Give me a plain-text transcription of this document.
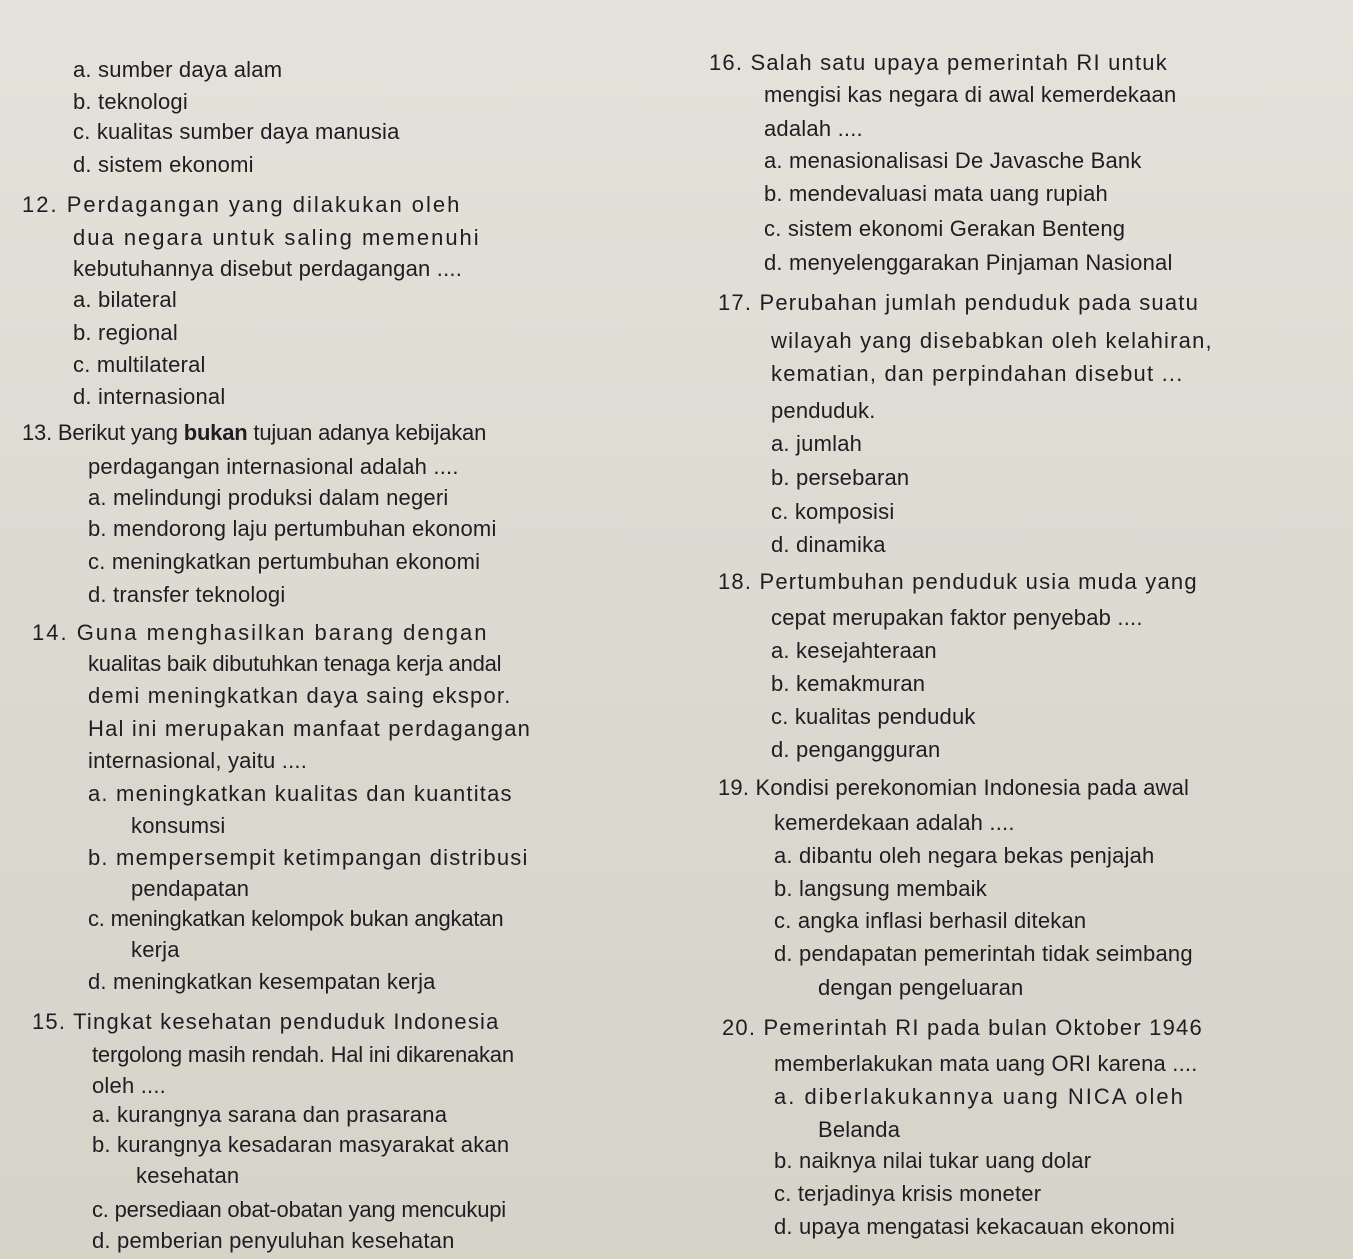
a. sumber daya alam
b. teknologi
c. kualitas sumber daya manusia
d. sistem ekonomi
12. Perdagangan yang dilakukan oleh
dua negara untuk saling memenuhi
kebutuhannya disebut perdagangan ....
a. bilateral
b. regional
c. multilateral
d. internasional
13. Berikut yang bukan tujuan adanya kebijakan
perdagangan internasional adalah ....
a. melindungi produksi dalam negeri
b. mendorong laju pertumbuhan ekonomi
c. meningkatkan pertumbuhan ekonomi
d. transfer teknologi
14. Guna menghasilkan barang dengan
kualitas baik dibutuhkan tenaga kerja andal
demi meningkatkan daya saing ekspor.
Hal ini merupakan manfaat perdagangan
internasional, yaitu ....
a. meningkatkan kualitas dan kuantitas
konsumsi
b. mempersempit ketimpangan distribusi
pendapatan
c. meningkatkan kelompok bukan angkatan
kerja
d. meningkatkan kesempatan kerja
15. Tingkat kesehatan penduduk Indonesia
tergolong masih rendah. Hal ini dikarenakan
oleh ....
a. kurangnya sarana dan prasarana
b. kurangnya kesadaran masyarakat akan
kesehatan
c. persediaan obat-obatan yang mencukupi
d. pemberian penyuluhan kesehatan
16. Salah satu upaya pemerintah RI untuk
mengisi kas negara di awal kemerdekaan
adalah ....
a. menasionalisasi De Javasche Bank
b. mendevaluasi mata uang rupiah
c. sistem ekonomi Gerakan Benteng
d. menyelenggarakan Pinjaman Nasional
17. Perubahan jumlah penduduk pada suatu
wilayah yang disebabkan oleh kelahiran,
kematian, dan perpindahan disebut ...
penduduk.
a. jumlah
b. persebaran
c. komposisi
d. dinamika
18. Pertumbuhan penduduk usia muda yang
cepat merupakan faktor penyebab ....
a. kesejahteraan
b. kemakmuran
c. kualitas penduduk
d. pengangguran
19. Kondisi perekonomian Indonesia pada awal
kemerdekaan adalah ....
a. dibantu oleh negara bekas penjajah
b. langsung membaik
c. angka inflasi berhasil ditekan
d. pendapatan pemerintah tidak seimbang
dengan pengeluaran
20. Pemerintah RI pada bulan Oktober 1946
memberlakukan mata uang ORI karena ....
a. diberlakukannya uang NICA oleh
Belanda
b. naiknya nilai tukar uang dolar
c. terjadinya krisis moneter
d. upaya mengatasi kekacauan ekonomi
